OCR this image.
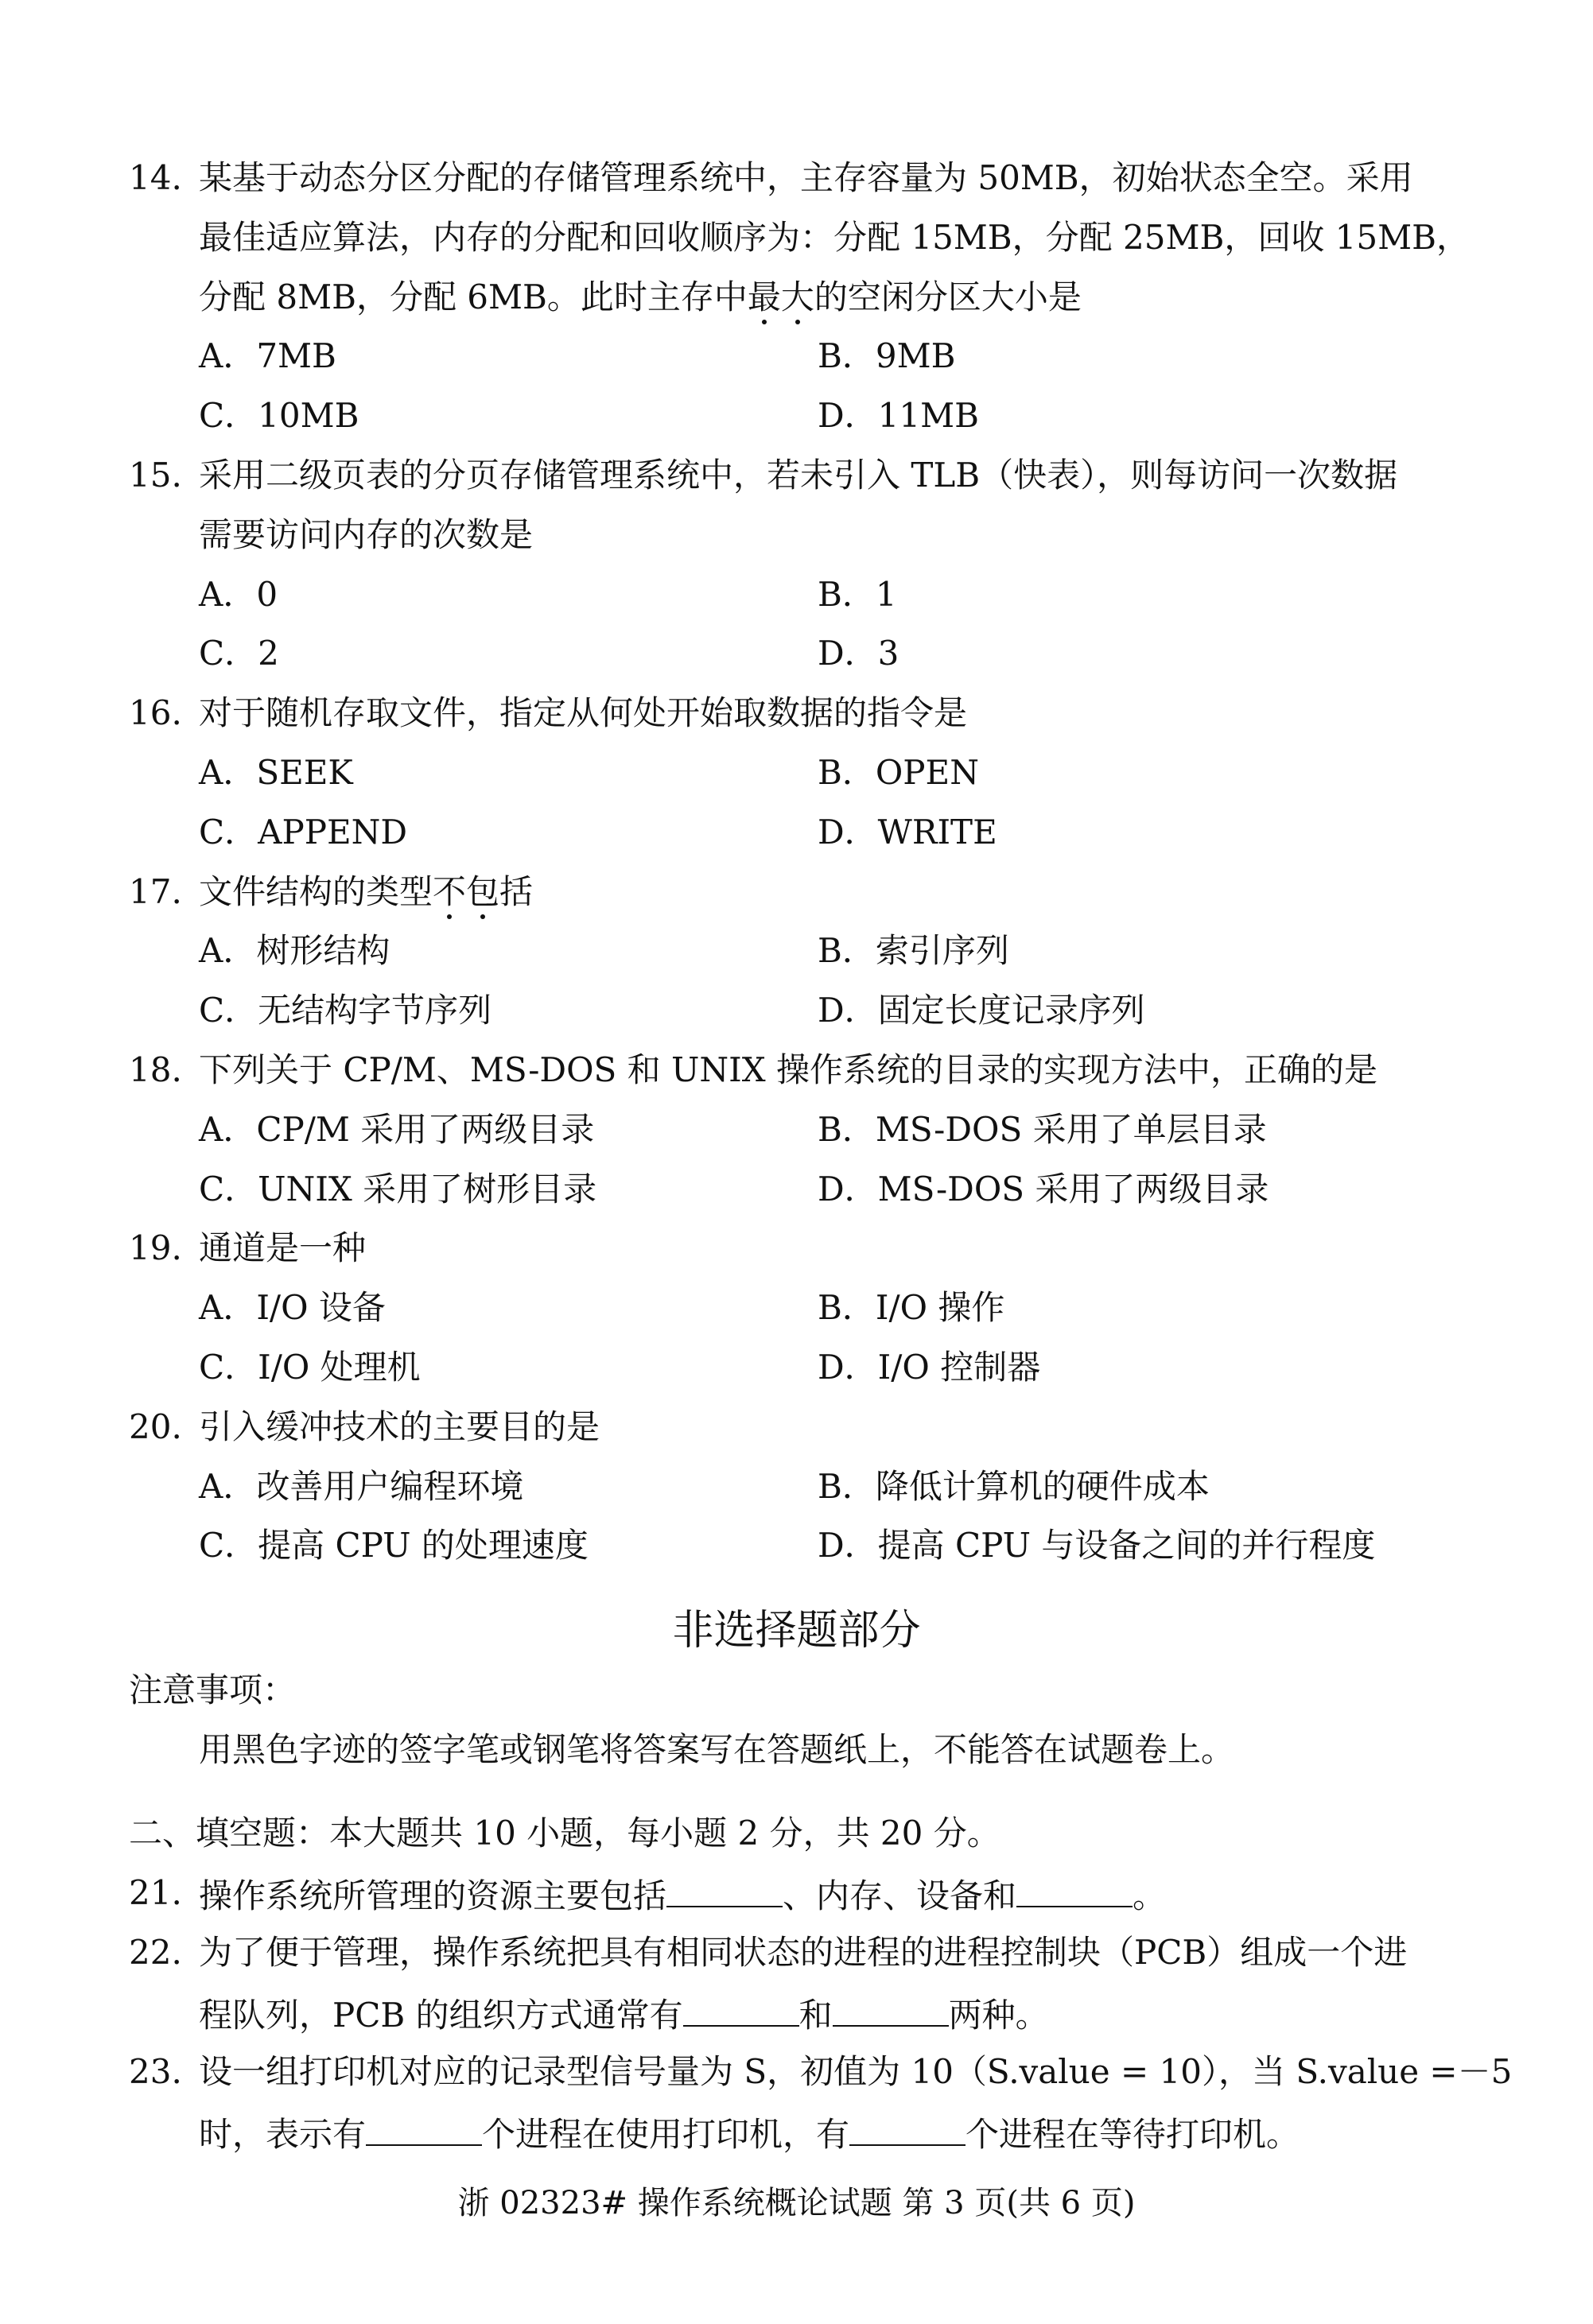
14. 某基于动态分区分配的存储管理系统中，主存容量为 50MB，初始状态全空。采用
最佳适应算法，内存的分配和回收顺序为：分配 15MB，分配 25MB，回收 15MB，
分配 8MB，分配 6MB。此时主存中最大的空闲分区大小是
A．7MB	B．9MB
C．10MB	D．11MB
15. 采用二级页表的分页存储管理系统中，若未引入 TLB（快表），则每访问一次数据
需要访问内存的次数是
A．0	B．1
C．2	D．3
16. 对于随机存取文件，指定从何处开始取数据的指令是
A．SEEK	B．OPEN
C．APPEND	D．WRITE
17. 文件结构的类型不包括
A．树形结构	B．索引序列
C．无结构字节序列	D．固定长度记录序列
18. 下列关于 CP/M、MS-DOS 和 UNIX 操作系统的目录的实现方法中，正确的是
A．CP/M 采用了两级目录	B．MS-DOS 采用了单层目录
C．UNIX 采用了树形目录	D．MS-DOS 采用了两级目录
19. 通道是一种
A．I/O 设备	B．I/O 操作
C．I/O 处理机	D．I/O 控制器
20. 引入缓冲技术的主要目的是
A．改善用户编程环境	B．降低计算机的硬件成本
C．提高 CPU 的处理速度	D．提高 CPU 与设备之间的并行程度
非选择题部分
注意事项：
用黑色字迹的签字笔或钢笔将答案写在答题纸上，不能答在试题卷上。
二、填空题：本大题共 10 小题，每小题 2 分，共 20 分。
21. 操作系统所管理的资源主要包括	、内存、设备和	。
22. 为了便于管理，操作系统把具有相同状态的进程的进程控制块（PCB）组成一个进
程队列，PCB 的组织方式通常有	和	两种。
23. 设一组打印机对应的记录型信号量为 S，初值为 10（S.value = 10），当 S.value =－5
时，表示有	个进程在使用打印机，有	个进程在等待打印机。
浙 02323# 操作系统概论试题 第 3 页(共 6 页)
